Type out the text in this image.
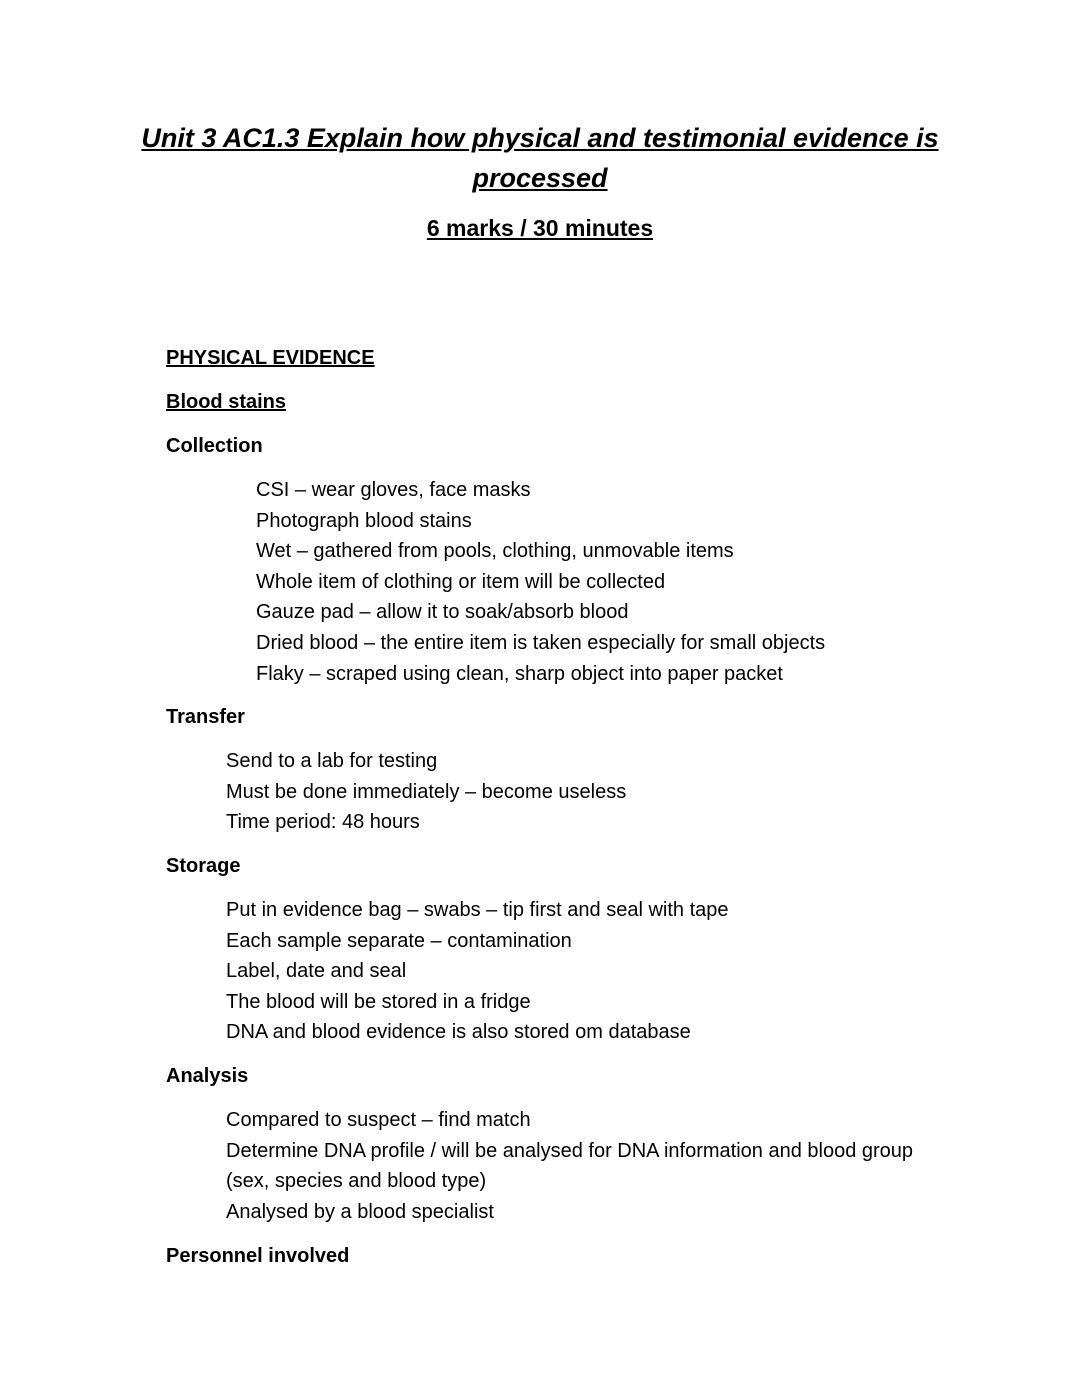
Unit 3 AC1.3 Explain how physical and testimonial evidence is processed
6 marks / 30 minutes
PHYSICAL EVIDENCE
Blood stains
Collection
CSI – wear gloves, face masks
Photograph blood stains
Wet – gathered from pools, clothing, unmovable items
Whole item of clothing or item will be collected
Gauze pad – allow it to soak/absorb blood
Dried blood – the entire item is taken especially for small objects
Flaky – scraped using clean, sharp object into paper packet
Transfer
Send to a lab for testing
Must be done immediately – become useless
Time period: 48 hours
Storage
Put in evidence bag – swabs – tip first and seal with tape
Each sample separate – contamination
Label, date and seal
The blood will be stored in a fridge
DNA and blood evidence is also stored om database
Analysis
Compared to suspect – find match
Determine DNA profile / will be analysed for DNA information and blood group (sex, species and blood type)
Analysed by a blood specialist
Personnel involved
